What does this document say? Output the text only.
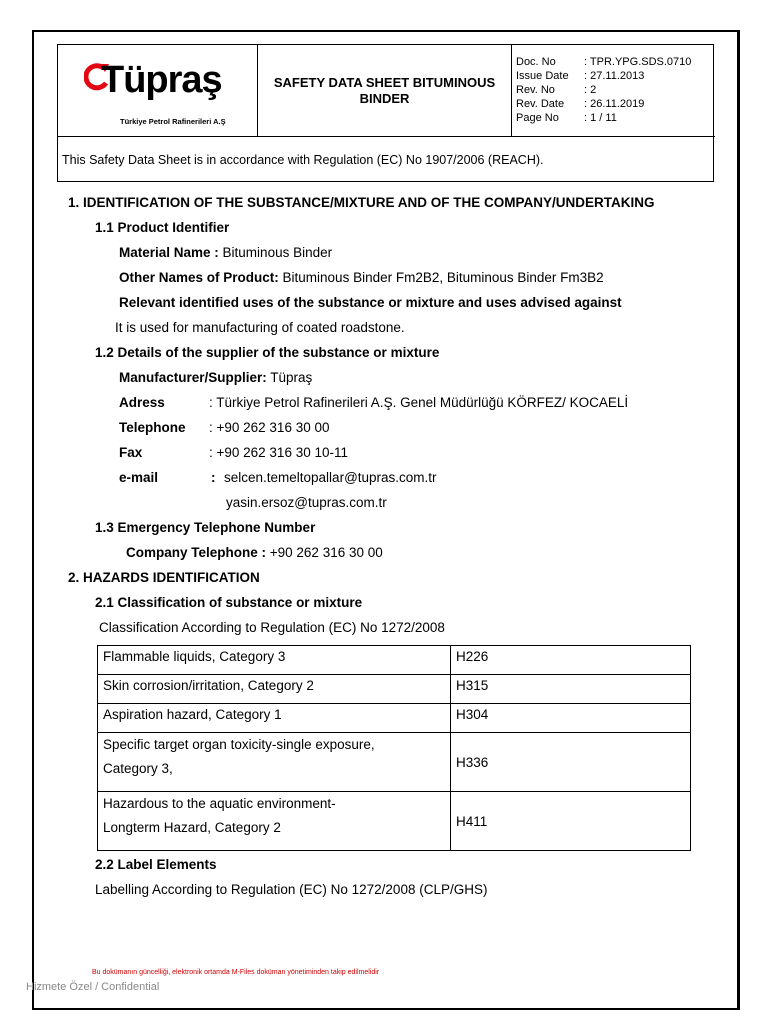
Tüpraş
Türkiye Petrol Rafinerileri A.Ş
SAFETY DATA SHEET BITUMINOUS BINDER
Doc. No	: TPR.YPG.SDS.0710
Issue Date : 27.11.2013
Rev. No	: 2
Rev. Date : 26.11.2019
Page No : 1 / 11
This Safety Data Sheet is in accordance with Regulation (EC) No 1907/2006 (REACH).
1. IDENTIFICATION OF THE SUBSTANCE/MIXTURE AND OF THE COMPANY/UNDERTAKING
1.1 Product Identifier
Material Name : Bituminous Binder
Other Names of Product: Bituminous Binder Fm2B2, Bituminous Binder Fm3B2
Relevant identified uses of the substance or mixture and uses advised against
It is used for manufacturing of coated roadstone.
1.2 Details of the supplier of the substance or mixture
Manufacturer/Supplier: Tüpraş
Adress	: Türkiye Petrol Rafinerileri A.Ş. Genel Müdürlüğü KÖRFEZ/ KOCAELİ
Telephone : +90 262 316 30 00
Fax	: +90 262 316 30 10-11
e-mail	: selcen.temeltopallar@tupras.com.tr
yasin.ersoz@tupras.com.tr
1.3 Emergency Telephone Number
Company Telephone : +90 262 316 30 00
2. HAZARDS IDENTIFICATION
2.1 Classification of substance or mixture
Classification According to Regulation (EC) No 1272/2008
Flammable liquids, Category 3	H226
Skin corrosion/irritation, Category 2	H315
Aspiration hazard, Category 1	H304

Specific target organ toxicity-single exposure,
Category 3,	H336

Hazardous to the aquatic environment-
Longterm Hazard, Category 2	H411
2.2 Label Elements
Labelling According to Regulation (EC) No 1272/2008 (CLP/GHS)
Bu dokümanın güncelliği, elektronik ortamda M-Files doküman yönetiminden takip edilmelidir
Hizmete Özel / Confidential
